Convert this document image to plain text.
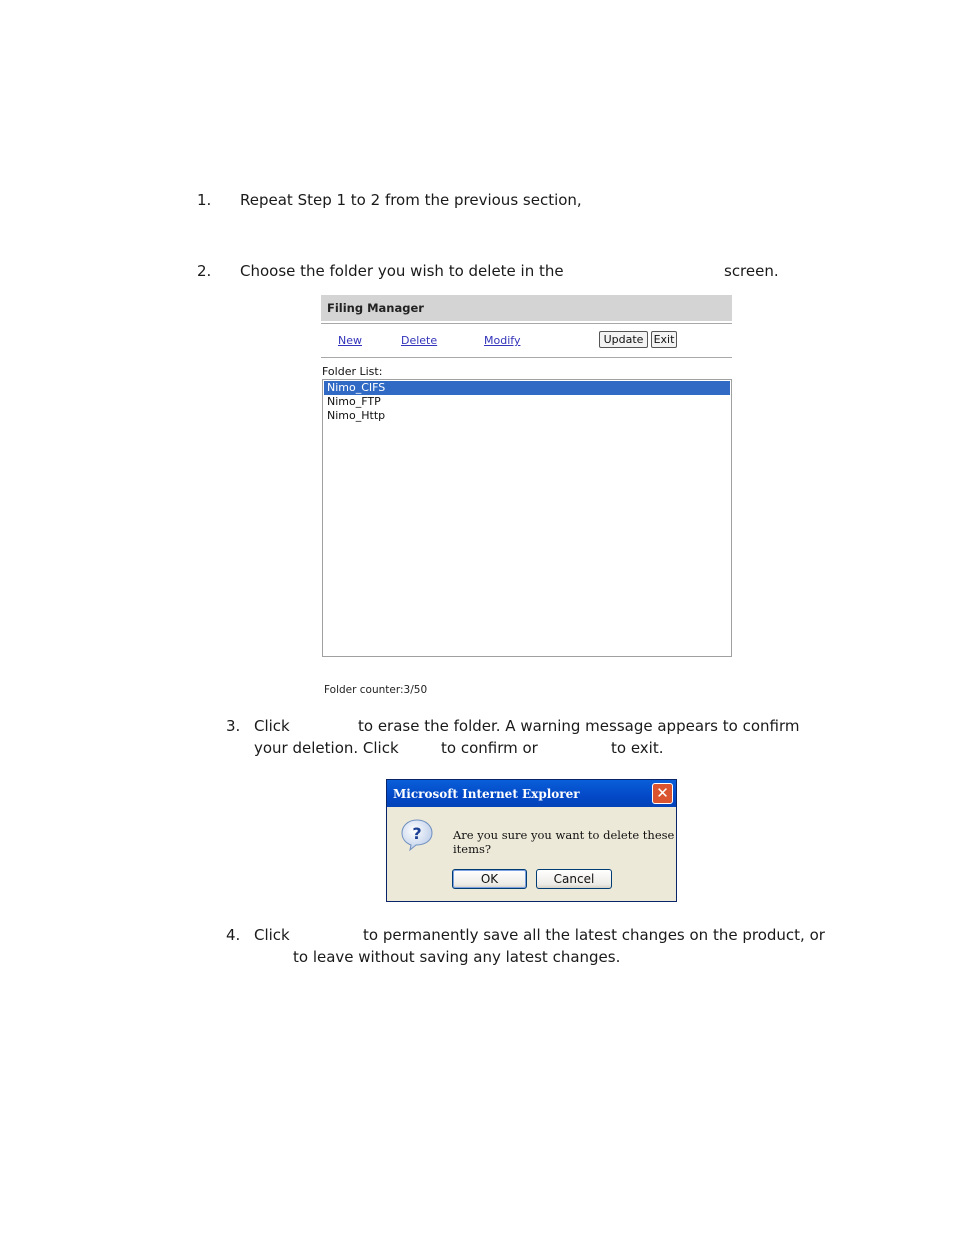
1. Repeat Step 1 to 2 from the previous section,
2. Choose the folder you wish to delete in the	screen.
Filing Manager
New	Delete	Modify	Update Exit
Folder List:
Nimo_CIFS
Nimo_FTP
Nimo_Http
Folder counter:3/50
3. Click	to erase the folder. A warning message appears to confirm
your deletion. Click	to confirm or	to exit.
Microsoft Internet Explorer	✕
?	Are you sure you want to delete these items?
OK	Cancel
4. Click	to permanently save all the latest changes on the product, or
to leave without saving any latest changes.
